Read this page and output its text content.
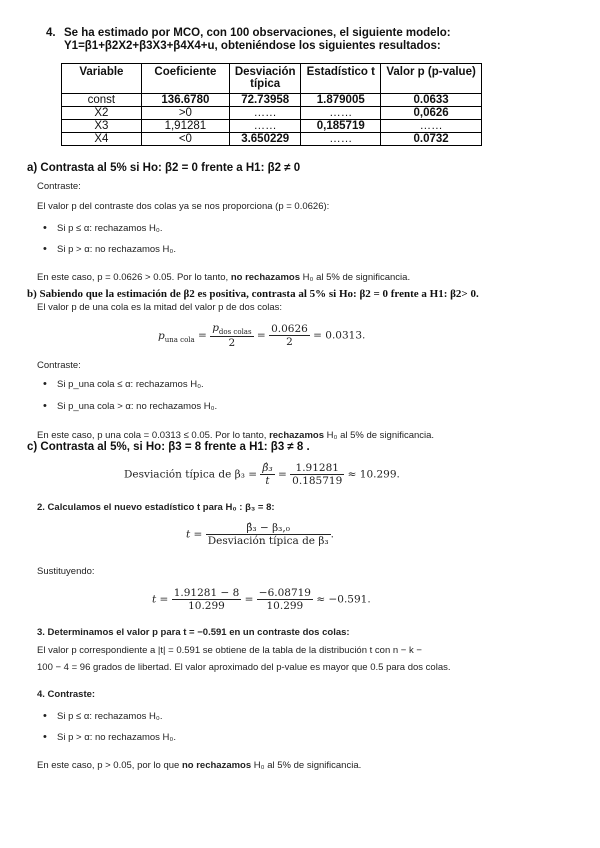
4. Se ha estimado por MCO, con 100 observaciones, el siguiente modelo:
Y1=β1+β2X2+β3X3+β4X4+u, obteniéndose los siguientes resultados:
Variable	Coeficiente	Desviación típica	Estadístico t	Valor p (p-value)
const	136.6780	72.73958	1.879005	0.0633
X2	>0	……	……	0,0626
X3	1,91281	……	0,185719	……
X4	<0	3.650229	……	0.0732
a) Contrasta al 5% si Ho: β2 = 0 frente a H1: β2 ≠ 0
Contraste:
El valor p del contraste dos colas ya se nos proporciona (p = 0.0626):
• Si p ≤ α: rechazamos H₀.
• Si p > α: no rechazamos H₀.
En este caso, p = 0.0626 > 0.05. Por lo tanto, no rechazamos H₀ al 5% de significancia.
b) Sabiendo que la estimación de β2 es positiva, contrasta al 5% si Ho: β2 = 0 frente a H1: β2> 0.
El valor p de una cola es la mitad del valor p de dos colas:
$p_{una cola} = \frac{p_{dos colas}}{2} = \frac{0.0626}{2} = 0.0313$.
Contraste:
• Si p_una cola ≤ α: rechazamos H₀.
• Si p_una cola > α: no rechazamos H₀.
En este caso, p una cola = 0.0313 ≤ 0.05. Por lo tanto, rechazamos H₀ al 5% de significancia.
c) Contrasta al 5%, si Ho: β3 = 8 frente a H1: β3 ≠ 8 .
Desviación típica de $\beta_3 = \frac{\text{β̂₃}}{t} = \frac{1.91281}{0.185719} \approx 10.299$.
2. Calculamos el nuevo estadístico t para H₀ : β₃ = 8:
$t = \frac{\text{β̂₃ − β₃,₀}}{\text{Desviación típica de β₃}}$ .
Sustituyendo:
$t = \frac{1.91281 - 8}{10.299} = \frac{-6.08719}{10.299} \approx -0.591$.
3. Determinamos el valor p para t = −0.591 en un contraste dos colas:
El valor p correspondiente a |t| = 0.591 se obtiene de la tabla de la distribución t con n − k −
100 − 4 = 96 grados de libertad. El valor aproximado del p-value es mayor que 0.5 para dos colas.
4. Contraste:
• Si p ≤ α: rechazamos H₀.
• Si p > α: no rechazamos H₀.
En este caso, p > 0.05, por lo que no rechazamos H₀ al 5% de significancia.
